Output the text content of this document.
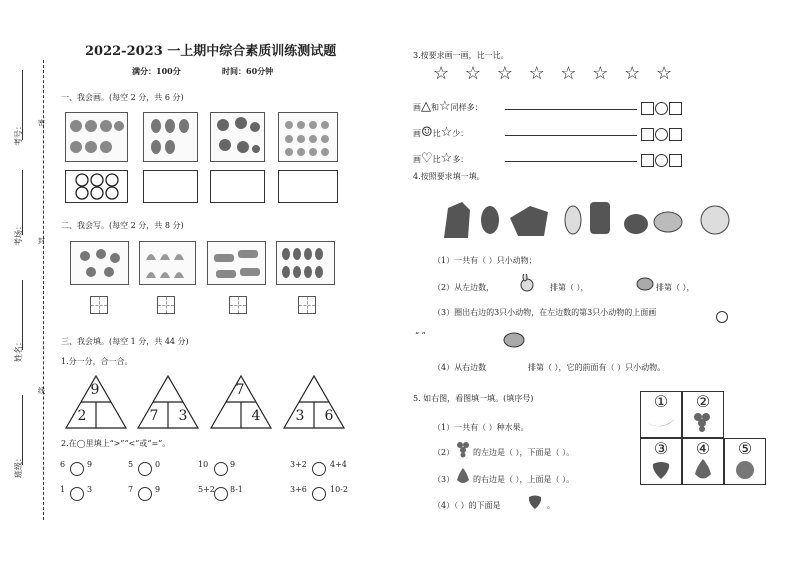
考号：
考场：
姓名：
班级：
密
封
线
2022-2023 一上期中综合素质训练测试题
满分：100分	时间：60分钟
一、我会画。(每空 2 分，共 6 分)
二、我会写。(每空 2 分，共 8 分)
三、我会填。(每空 1 分，共 44 分)
1.分一分，合一合。
9
2	7 3
7
4	3 6
2.在◯里填上“>”“<”或“=”。
6	9	5	0	10	9	3+2	4+4
1	3	7	9	5+2 8-1	3+6	10-2
3.按要求画一画，比一比。
☆ ☆ ☆ ☆ ☆ ☆ ☆ ☆
画△和☆同样多：
画☺比☆少：
画♡比☆多：
4.按照要求填一填。
（1）一共有（ ）只小动物；
（2）从左边数，	排第（ ），	排第（ ），
（3）圈出右边的3只小动物，在左边数的第3只小动物的上面画
“ ”
（4）从右边数	排第（ ），它的前面有（ ）只小动物。
5. 如右图，看图填一填。(填序号)
（1）一共有（ ）种水果。
（2） 的左边是（ ），下面是（ ）。
（3） 的右边是（ ），上面是（ ）。
（4）（ ）的下面是	。
①	②
③	④	⑤
